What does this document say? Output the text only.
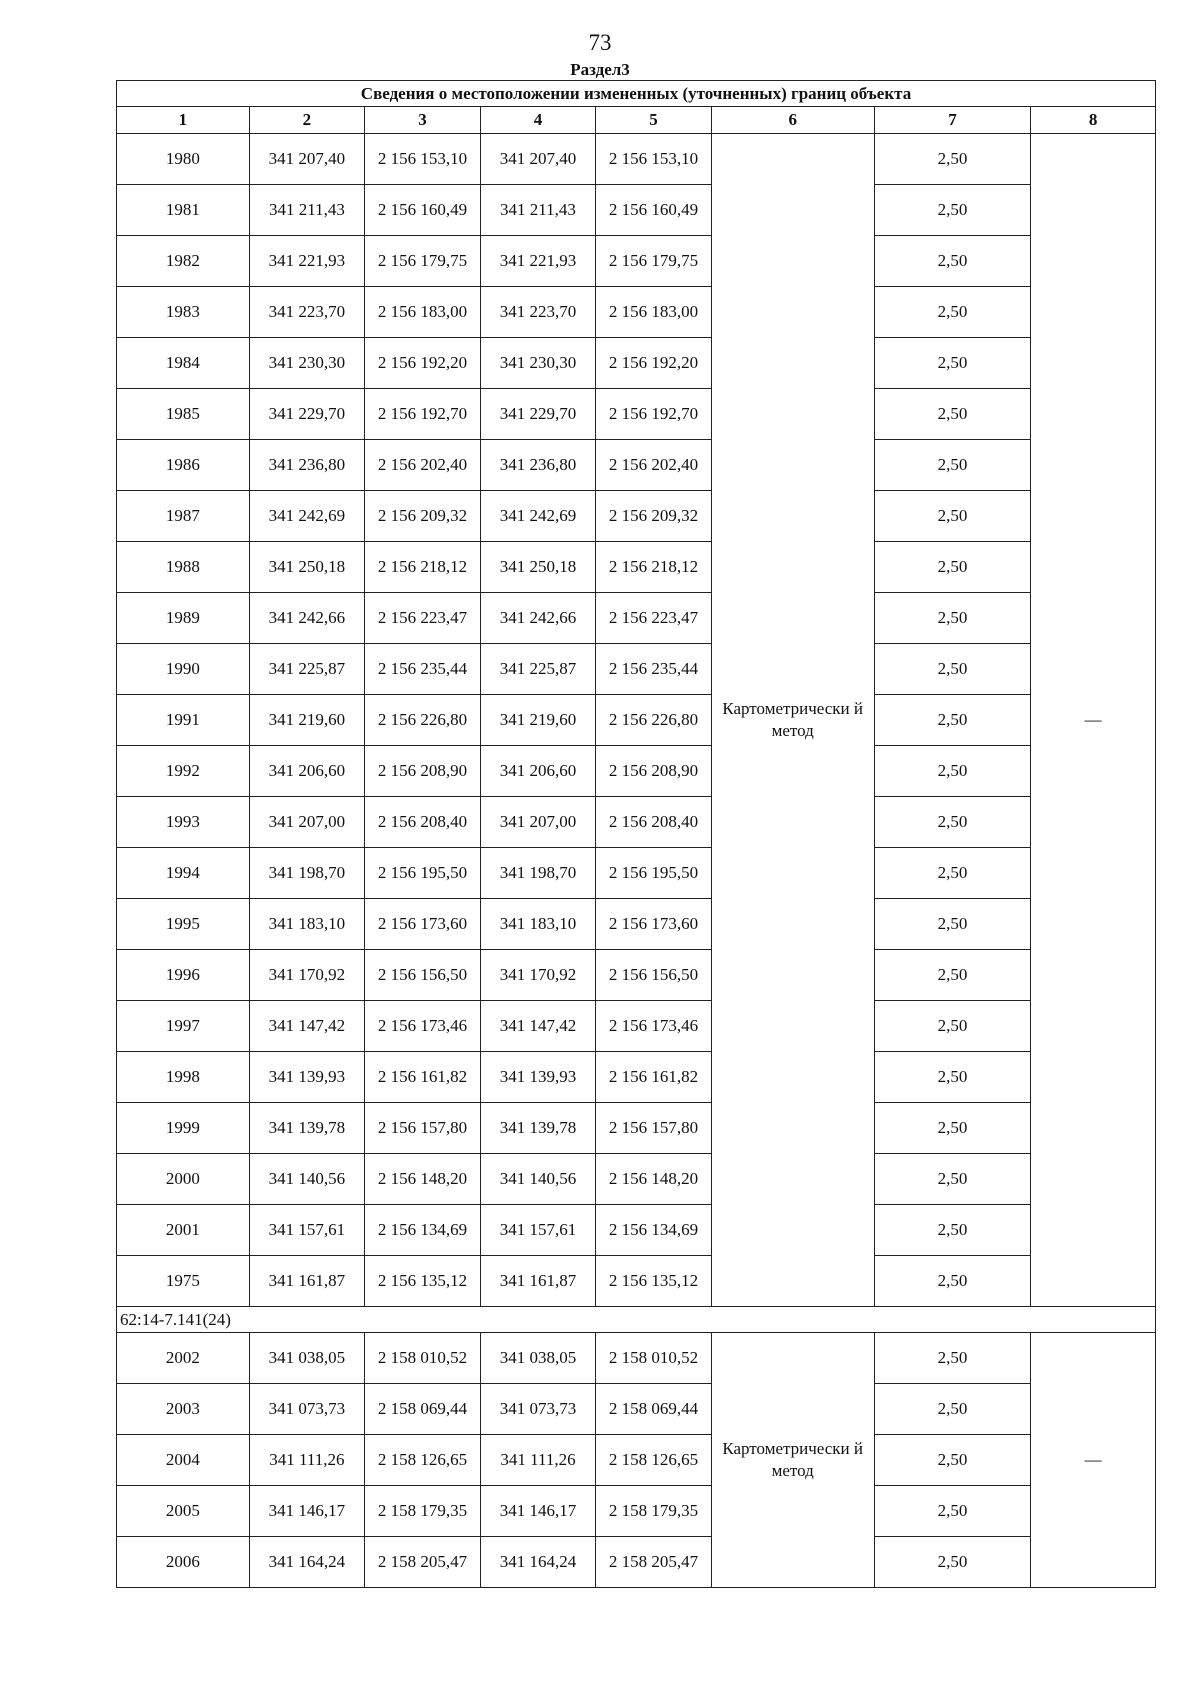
73
Раздел3
Сведения о местоположении измененных (уточненных) границ объекта							
1	2	3	4	5	6	7	8
1980	341 207,40	2 156 153,10	341 207,40	2 156 153,10	Картометрически й метод	2,50	—
1981	341 211,43	2 156 160,49	341 211,43	2 156 160,49		2,50	
1982	341 221,93	2 156 179,75	341 221,93	2 156 179,75		2,50	
1983	341 223,70	2 156 183,00	341 223,70	2 156 183,00		2,50	
1984	341 230,30	2 156 192,20	341 230,30	2 156 192,20		2,50	
1985	341 229,70	2 156 192,70	341 229,70	2 156 192,70		2,50	
1986	341 236,80	2 156 202,40	341 236,80	2 156 202,40		2,50	
1987	341 242,69	2 156 209,32	341 242,69	2 156 209,32		2,50	
1988	341 250,18	2 156 218,12	341 250,18	2 156 218,12		2,50	
1989	341 242,66	2 156 223,47	341 242,66	2 156 223,47		2,50	
1990	341 225,87	2 156 235,44	341 225,87	2 156 235,44		2,50	
1991	341 219,60	2 156 226,80	341 219,60	2 156 226,80		2,50	
1992	341 206,60	2 156 208,90	341 206,60	2 156 208,90		2,50	
1993	341 207,00	2 156 208,40	341 207,00	2 156 208,40		2,50	
1994	341 198,70	2 156 195,50	341 198,70	2 156 195,50		2,50	
1995	341 183,10	2 156 173,60	341 183,10	2 156 173,60		2,50	
1996	341 170,92	2 156 156,50	341 170,92	2 156 156,50		2,50	
1997	341 147,42	2 156 173,46	341 147,42	2 156 173,46		2,50	
1998	341 139,93	2 156 161,82	341 139,93	2 156 161,82		2,50	
1999	341 139,78	2 156 157,80	341 139,78	2 156 157,80		2,50	
2000	341 140,56	2 156 148,20	341 140,56	2 156 148,20		2,50	
2001	341 157,61	2 156 134,69	341 157,61	2 156 134,69		2,50	
1975	341 161,87	2 156 135,12	341 161,87	2 156 135,12		2,50	
62:14-7.141(24)							
2002	341 038,05	2 158 010,52	341 038,05	2 158 010,52	Картометрически й метод	2,50	—
2003	341 073,73	2 158 069,44	341 073,73	2 158 069,44		2,50	
2004	341 111,26	2 158 126,65	341 111,26	2 158 126,65		2,50	
2005	341 146,17	2 158 179,35	341 146,17	2 158 179,35		2,50	
2006	341 164,24	2 158 205,47	341 164,24	2 158 205,47		2,50	
